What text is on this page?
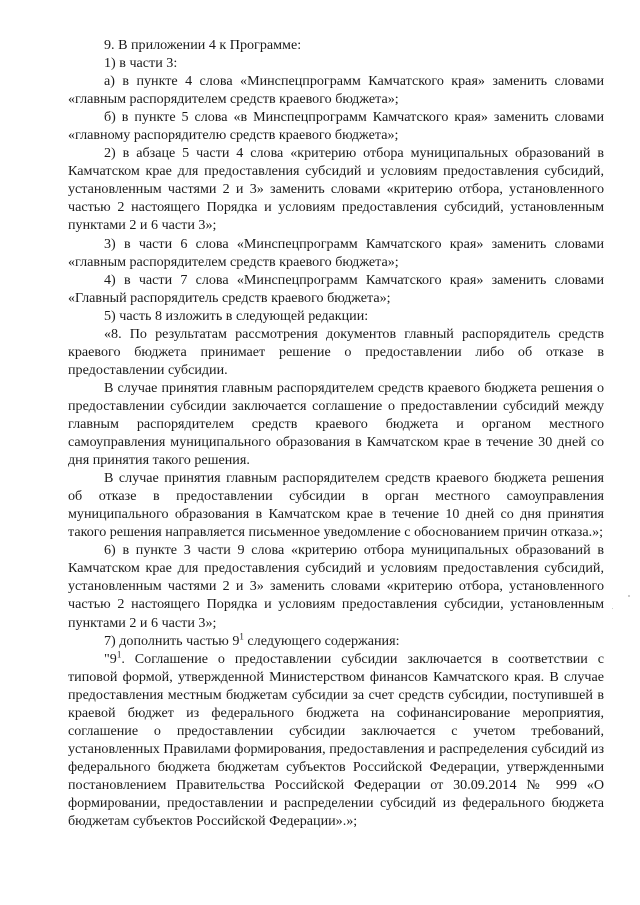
9. В приложении 4 к Программе:

1) в части 3:

а) в пункте 4 слова «Минспецпрограмм Камчатского края» заменить словами «главным распорядителем средств краевого бюджета»;

б) в пункте 5 слова «в Минспецпрограмм Камчатского края» заменить словами «главному распорядителю средств краевого бюджета»;

2) в абзаце 5 части 4 слова «критерию отбора муниципальных образований в Камчатском крае для предоставления субсидий и условиям предоставления субсидий, установленным частями 2 и 3» заменить словами «критерию отбора, установленного частью 2 настоящего Порядка и условиям предоставления субсидий, установленным пунктами 2 и 6 части 3»;

3) в части 6 слова «Минспецпрограмм Камчатского края» заменить словами «главным распорядителем средств краевого бюджета»;

4) в части 7 слова «Минспецпрограмм Камчатского края» заменить словами «Главный распорядитель средств краевого бюджета»;

5) часть 8 изложить в следующей редакции:

«8. По результатам рассмотрения документов главный распорядитель средств краевого бюджета принимает решение о предоставлении либо об отказе в предоставлении субсидии.

В случае принятия главным распорядителем средств краевого бюджета решения о предоставлении субсидии заключается соглашение о предоставлении субсидий между главным распорядителем средств краевого бюджета и органом местного самоуправления муниципального образования в Камчатском крае в течение 30 дней со дня принятия такого решения.

В случае принятия главным распорядителем средств краевого бюджета решения об отказе в предоставлении субсидии в орган местного самоуправления муниципального образования в Камчатском крае в течение 10 дней со дня принятия такого решения направляется письменное уведомление с обоснованием причин отказа.»;

6) в пункте 3 части 9 слова «критерию отбора муниципальных образований в Камчатском крае для предоставления субсидий и условиям предоставления субсидий, установленным частями 2 и 3» заменить словами «критерию отбора, установленного частью 2 настоящего Порядка и условиям предоставления субсидии, установленным пунктами 2 и 6 части 3»;

7) дополнить частью $9^1$ следующего содержания:

"$9^1$. Соглашение о предоставлении субсидии заключается в соответствии с типовой формой, утвержденной Министерством финансов Камчатского края. В случае предоставления местным бюджетам субсидии за счет средств субсидии, поступившей в краевой бюджет из федерального бюджета на софинансирование мероприятия, соглашение о предоставлении субсидии заключается с учетом требований, установленных Правилами формирования, предоставления и распределения субсидий из федерального бюджета бюджетам субъектов Российской Федерации, утвержденными постановлением Правительства Российской Федерации от 30.09.2014 № 999 «О формировании, предоставлении и распределении субсидий из федерального бюджета бюджетам субъектов Российской Федерации».»;
